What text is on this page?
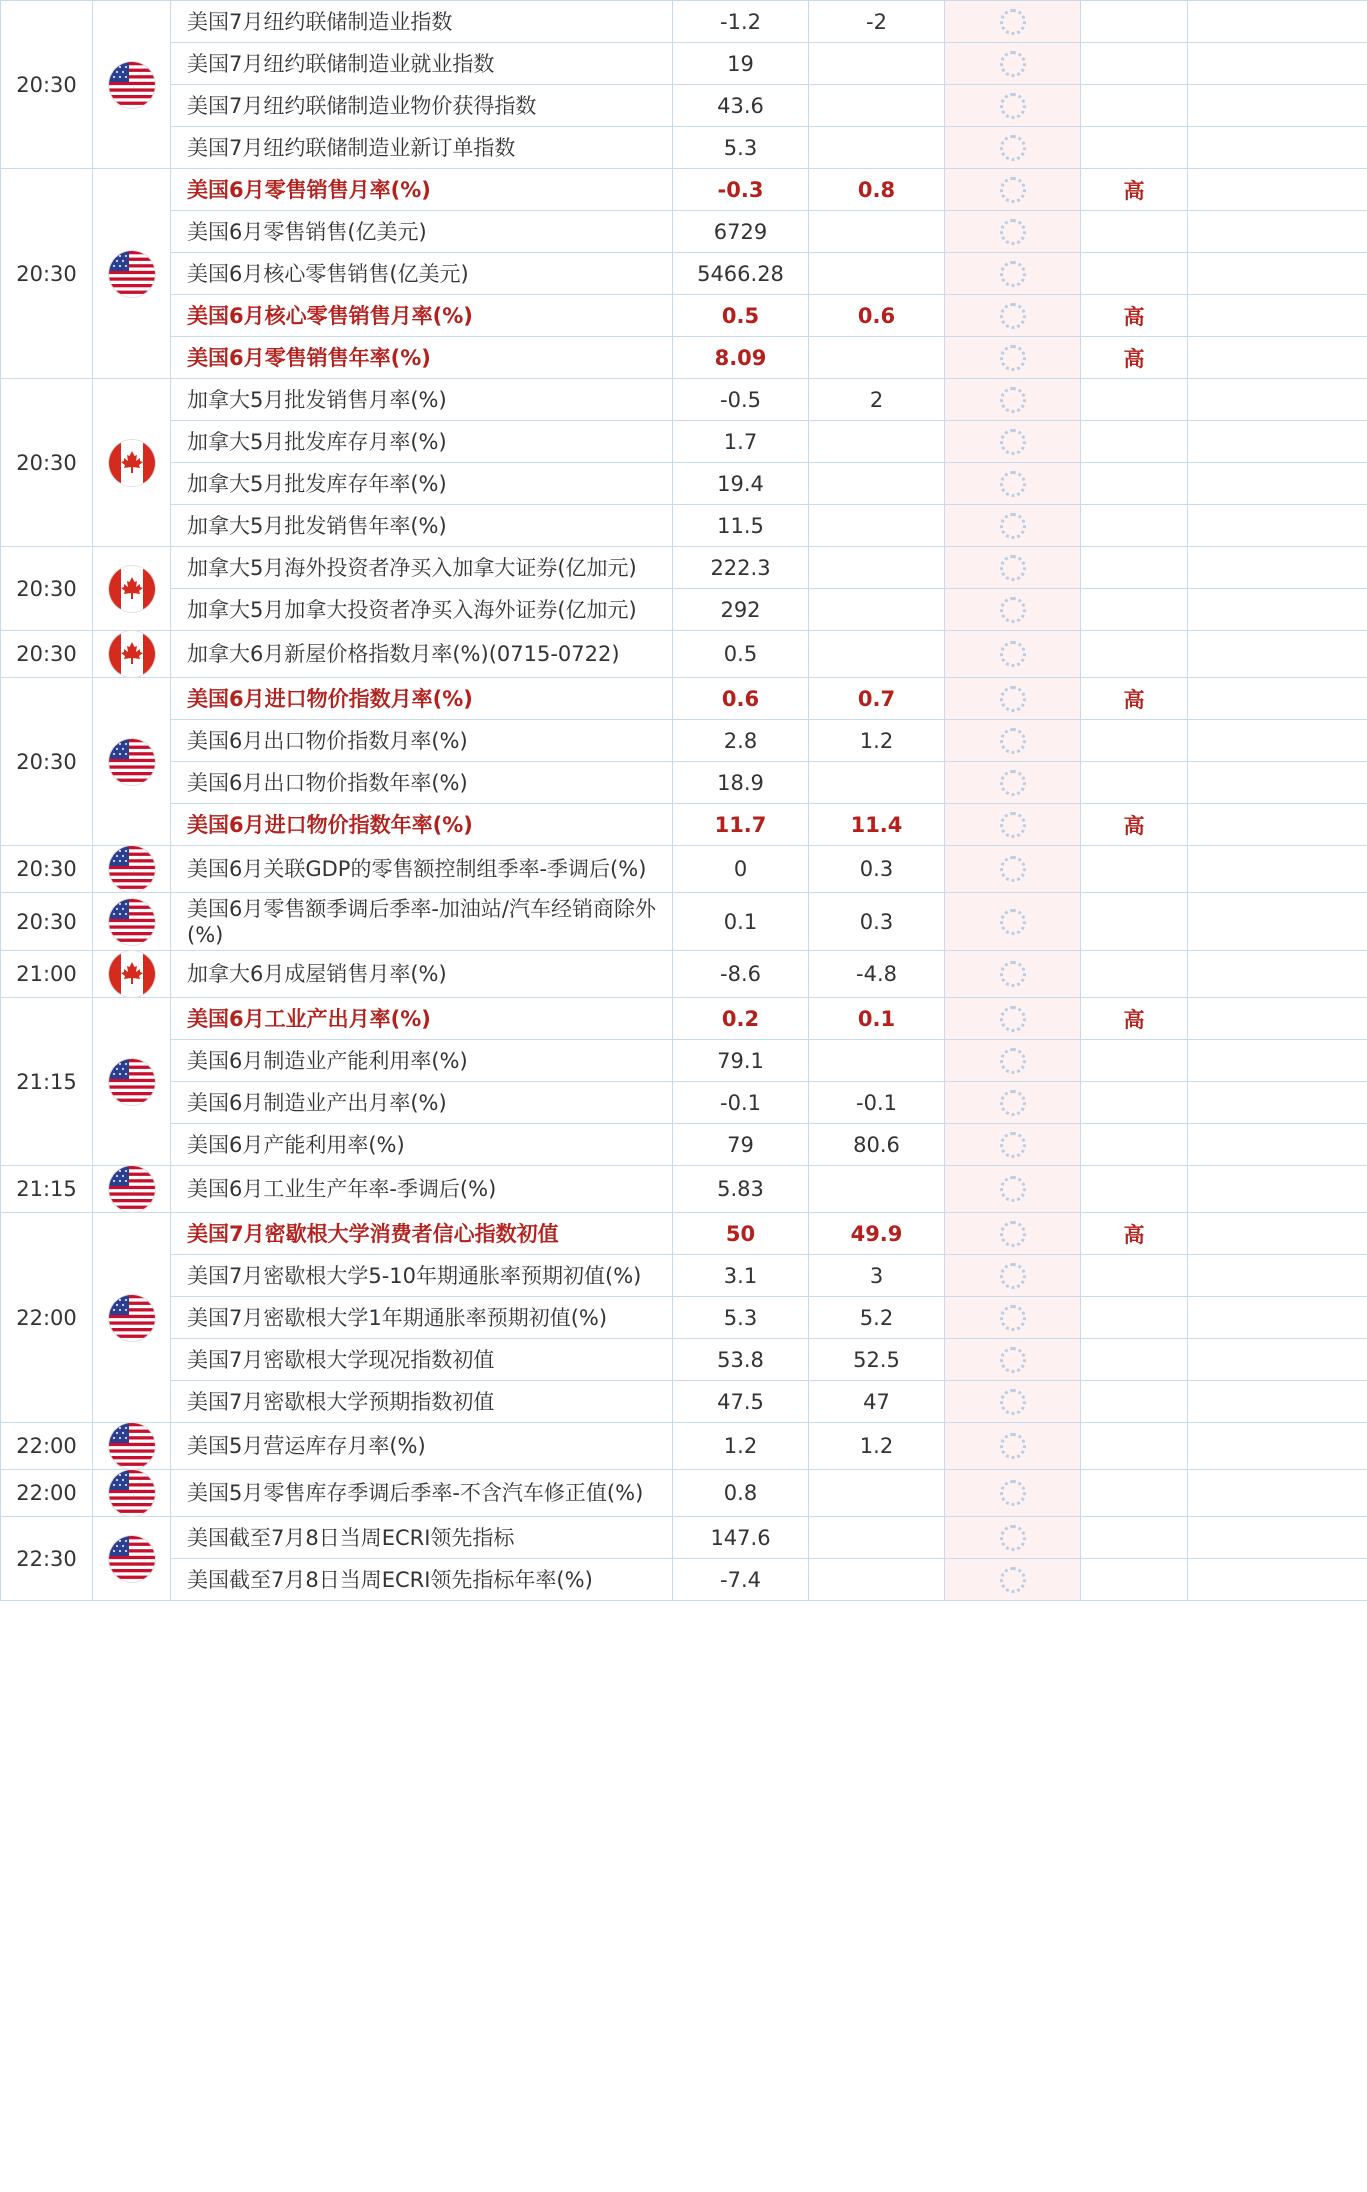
20:30		美国7月纽约联储制造业指数	-1.2	-2			
		美国7月纽约联储制造业就业指数	19				
		美国7月纽约联储制造业物价获得指数	43.6				
		美国7月纽约联储制造业新订单指数	5.3				
20:30		美国6月零售销售月率(%)	-0.3	0.8		高	
		美国6月零售销售(亿美元)	6729				
		美国6月核心零售销售(亿美元)	5466.28				
		美国6月核心零售销售月率(%)	0.5	0.6		高	
		美国6月零售销售年率(%)	8.09			高	
20:30		加拿大5月批发销售月率(%)	-0.5	2			
		加拿大5月批发库存月率(%)	1.7				
		加拿大5月批发库存年率(%)	19.4				
		加拿大5月批发销售年率(%)	11.5				
20:30		加拿大5月海外投资者净买入加拿大证券(亿加元)	222.3				
		加拿大5月加拿大投资者净买入海外证券(亿加元)	292				
20:30		加拿大6月新屋价格指数月率(%)(0715-0722)	0.5				
20:30		美国6月进口物价指数月率(%)	0.6	0.7		高	
		美国6月出口物价指数月率(%)	2.8	1.2			
		美国6月出口物价指数年率(%)	18.9				
		美国6月进口物价指数年率(%)	11.7	11.4		高	
20:30		美国6月关联GDP的零售额控制组季率-季调后(%)	0	0.3			
20:30		美国6月零售额季调后季率-加油站/汽车经销商除外(%)	0.1	0.3			
21:00		加拿大6月成屋销售月率(%)	-8.6	-4.8			
21:15		美国6月工业产出月率(%)	0.2	0.1		高	
		美国6月制造业产能利用率(%)	79.1				
		美国6月制造业产出月率(%)	-0.1	-0.1			
		美国6月产能利用率(%)	79	80.6			
21:15		美国6月工业生产年率-季调后(%)	5.83				
22:00		美国7月密歇根大学消费者信心指数初值	50	49.9		高	
		美国7月密歇根大学5-10年期通胀率预期初值(%)	3.1	3			
		美国7月密歇根大学1年期通胀率预期初值(%)	5.3	5.2			
		美国7月密歇根大学现况指数初值	53.8	52.5			
		美国7月密歇根大学预期指数初值	47.5	47			
22:00		美国5月营运库存月率(%)	1.2	1.2			
22:00		美国5月零售库存季调后季率-不含汽车修正值(%)	0.8				
22:30		美国截至7月8日当周ECRI领先指标	147.6				
		美国截至7月8日当周ECRI领先指标年率(%)	-7.4				
